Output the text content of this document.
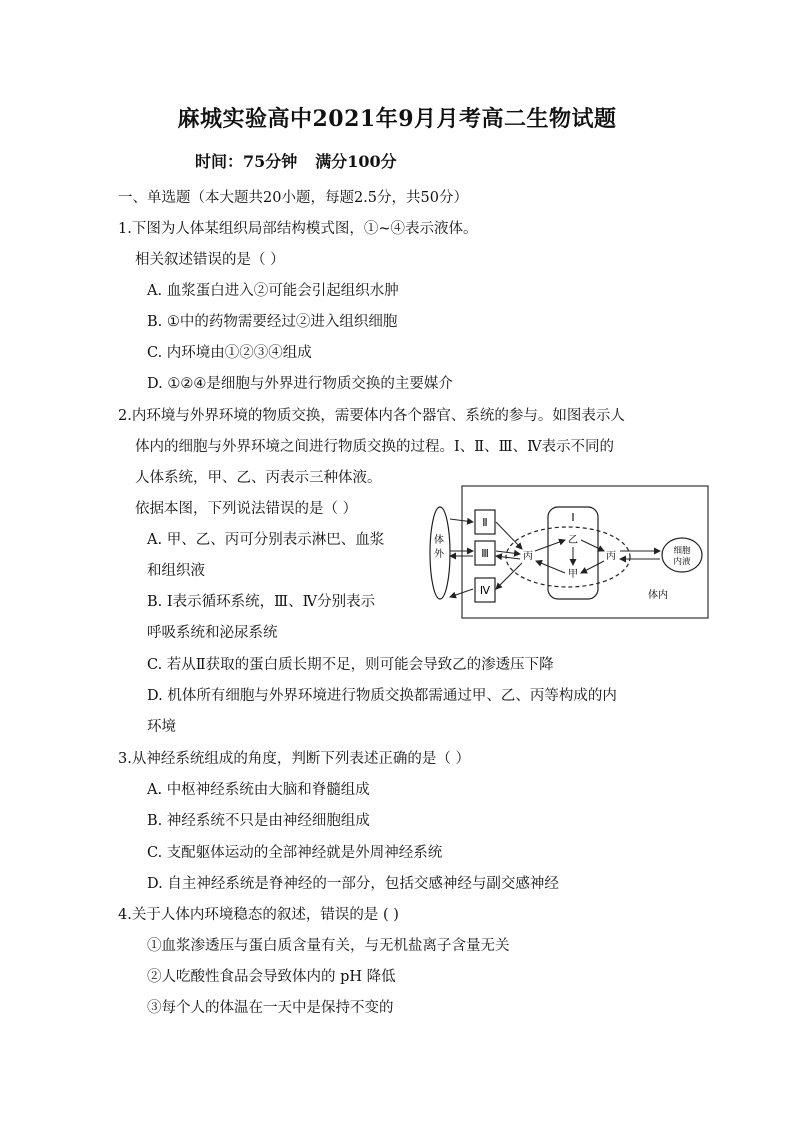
麻城实验高中2021年9月月考高二生物试题
时间：75分钟 满分100分
一、单选题（本大题共20小题，每题2.5分，共50分）
1.下图为人体某组织局部结构模式图，①~④表示液体。
相关叙述错误的是（ ）
A. 血浆蛋白进入②可能会引起组织水肿
B. ①中的药物需要经过②进入组织细胞
C. 内环境由①②③④组成
D. ①②④是细胞与外界进行物质交换的主要媒介
2.内环境与外界环境的物质交换，需要体内各个器官、系统的参与。如图表示人
体内的细胞与外界环境之间进行物质交换的过程。Ⅰ、Ⅱ、Ⅲ、Ⅳ表示不同的
人体系统，甲、乙、丙表示三种体液。
依据本图，下列说法错误的是（ ）
A. 甲、乙、丙可分别表示淋巴、血浆
和组织液
B. Ⅰ表示循环系统，Ⅲ、Ⅳ分别表示
呼吸系统和泌尿系统
C. 若从Ⅱ获取的蛋白质长期不足，则可能会导致乙的渗透压下降
D. 机体所有细胞与外界环境进行物质交换都需通过甲、乙、丙等构成的内
环境
体
外
Ⅱ
Ⅲ
Ⅳ
Ⅰ
丙
乙
甲
丙	细胞
内液
体内
3.从神经系统组成的角度，判断下列表述正确的是（ ）
A. 中枢神经系统由大脑和脊髓组成
B. 神经系统不只是由神经细胞组成
C. 支配躯体运动的全部神经就是外周神经系统
D. 自主神经系统是脊神经的一部分，包括交感神经与副交感神经
4.关于人体内环境稳态的叙述，错误的是 ( )
①血浆渗透压与蛋白质含量有关，与无机盐离子含量无关
②人吃酸性食品会导致体内的 pH 降低
③每个人的体温在一天中是保持不变的
